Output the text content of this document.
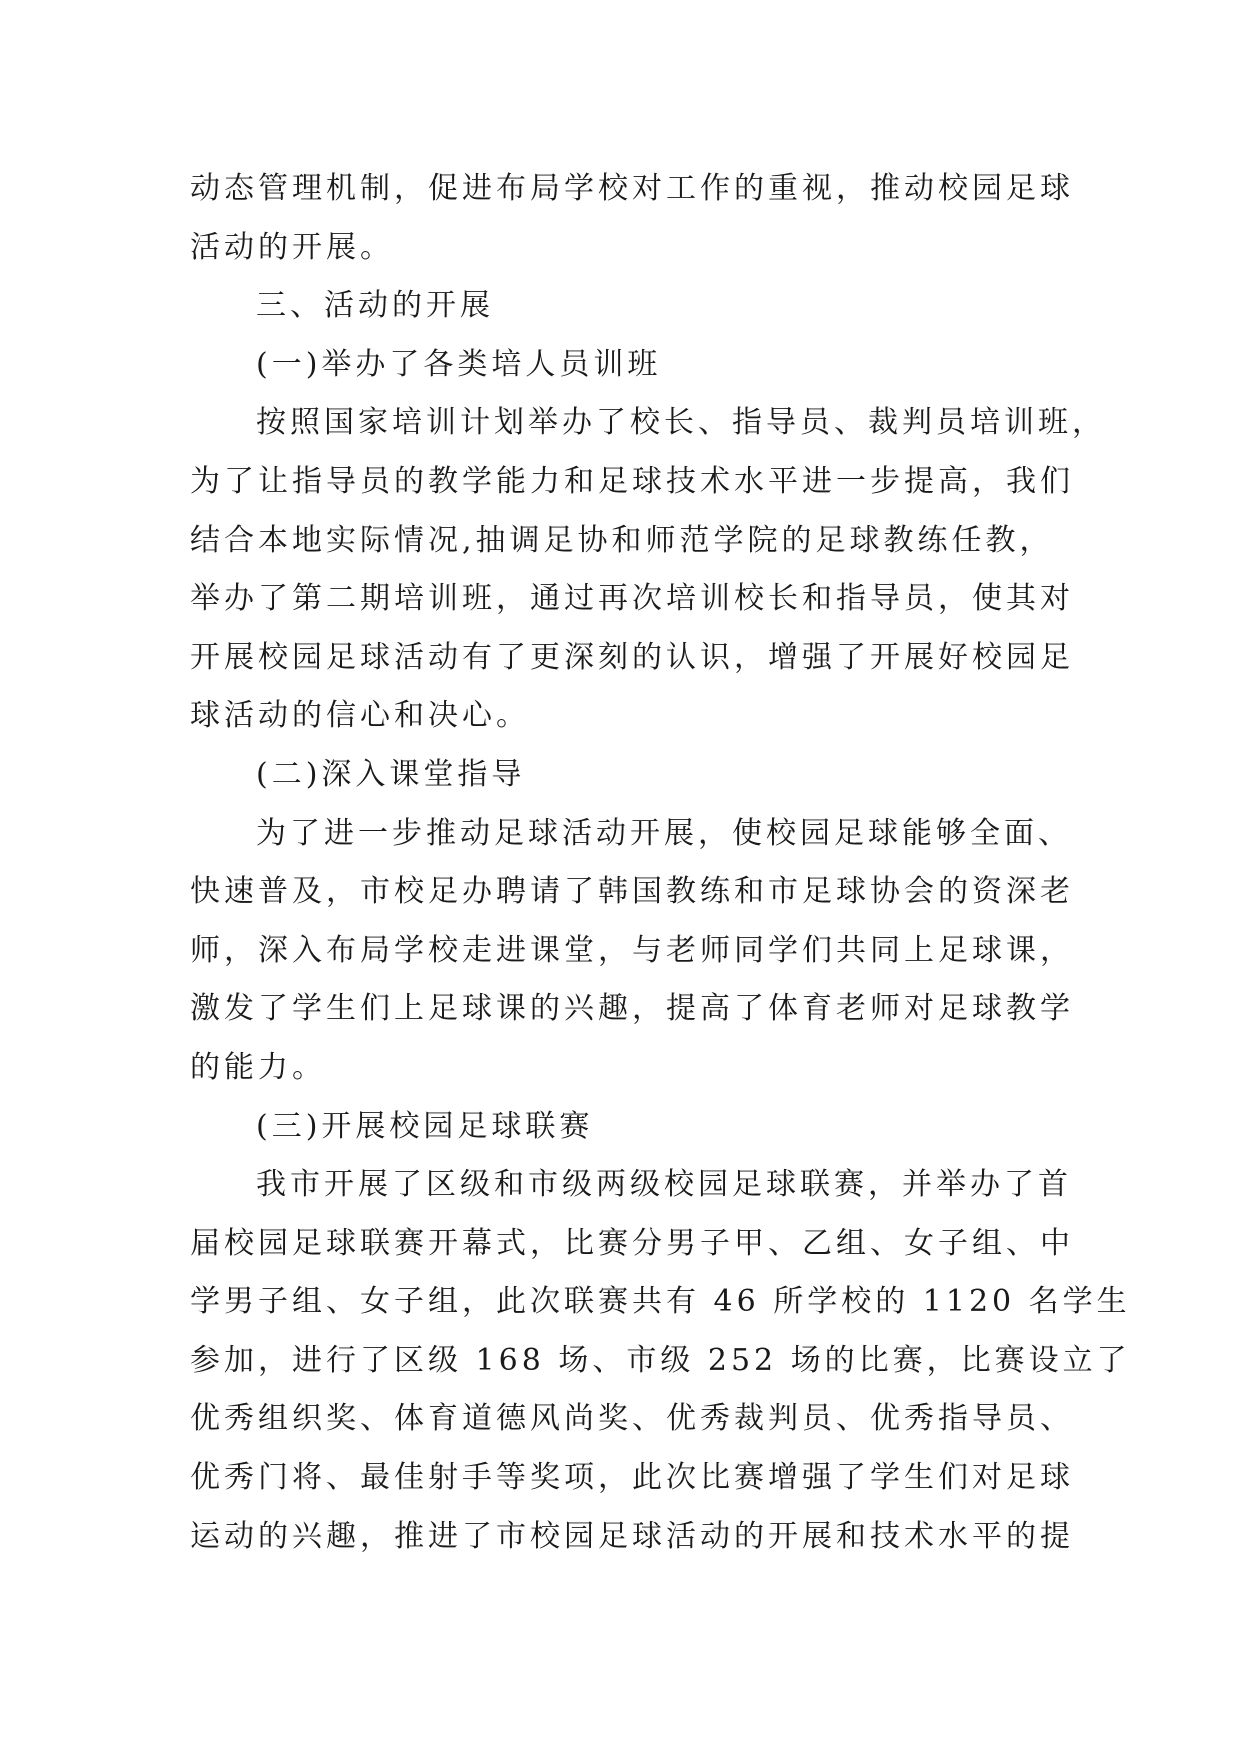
动态管理机制，促进布局学校对工作的重视，推动校园足球
活动的开展。
三、活动的开展
(一)举办了各类培人员训班
按照国家培训计划举办了校长、指导员、裁判员培训班，
为了让指导员的教学能力和足球技术水平进一步提高，我们
结合本地实际情况,抽调足协和师范学院的足球教练任教，
举办了第二期培训班，通过再次培训校长和指导员，使其对
开展校园足球活动有了更深刻的认识，增强了开展好校园足
球活动的信心和决心。
(二)深入课堂指导
为了进一步推动足球活动开展，使校园足球能够全面、
快速普及，市校足办聘请了韩国教练和市足球协会的资深老
师，深入布局学校走进课堂，与老师同学们共同上足球课，
激发了学生们上足球课的兴趣，提高了体育老师对足球教学
的能力。
(三)开展校园足球联赛
我市开展了区级和市级两级校园足球联赛，并举办了首
届校园足球联赛开幕式，比赛分男子甲、乙组、女子组、中
学男子组、女子组，此次联赛共有 46 所学校的 1120 名学生
参加，进行了区级 168 场、市级 252 场的比赛，比赛设立了
优秀组织奖、体育道德风尚奖、优秀裁判员、优秀指导员、
优秀门将、最佳射手等奖项，此次比赛增强了学生们对足球
运动的兴趣，推进了市校园足球活动的开展和技术水平的提
